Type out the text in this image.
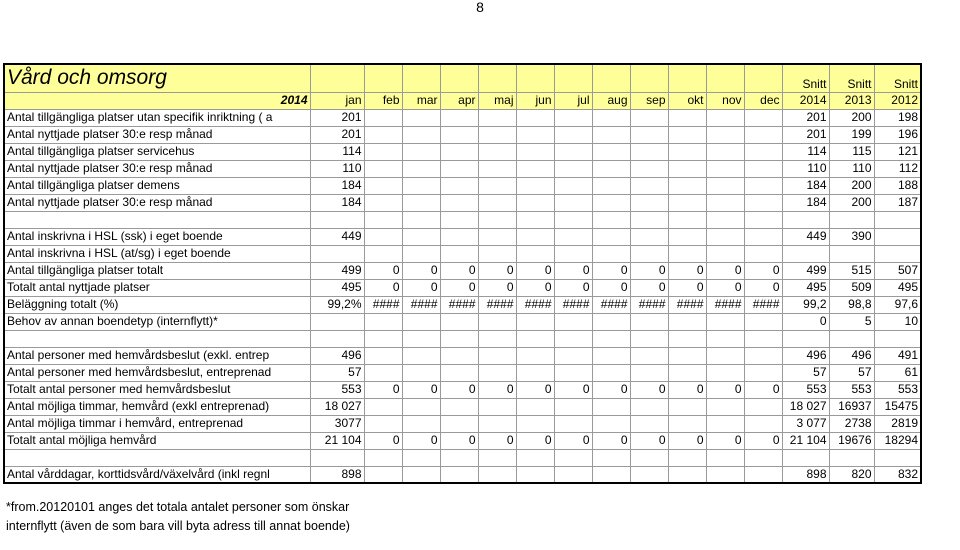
8
Vård och omsorg													Snitt	Snitt	Snitt
2014	jan	feb	mar	apr	maj	jun	jul	aug	sep	okt	nov	dec	2014	2013	2012
Antal tillgängliga platser utan specifik inriktning ( a	201												201	200	198
Antal nyttjade platser 30:e resp månad	201												201	199	196
Antal tillgängliga platser servicehus	114												114	115	121
Antal nyttjade platser 30:e resp månad	110												110	110	112
Antal tillgängliga platser demens	184												184	200	188
Antal nyttjade platser 30:e resp månad	184												184	200	187

Antal inskrivna i HSL (ssk) i eget boende	449												449	390	
Antal inskrivna i HSL (at/sg) i eget boende															
Antal tillgängliga platser totalt	499	0	0	0	0	0	0	0	0	0	0	0	499	515	507
Totalt antal nyttjade platser	495	0	0	0	0	0	0	0	0	0	0	0	495	509	495
Beläggning totalt (%)	99,2%	####	####	####	####	####	####	####	####	####	####	####	99,2	98,8	97,6
Behov av annan boendetyp (internflytt)*													0	5	10

Antal personer med hemvårdsbeslut (exkl. entrep	496												496	496	491
Antal personer med hemvårdsbeslut, entreprenad	57												57	57	61
Totalt antal personer med hemvårdsbeslut	553	0	0	0	0	0	0	0	0	0	0	0	553	553	553
Antal möjliga timmar, hemvård (exkl entreprenad)	18 027												18 027	16937	15475
Antal möjliga timmar i hemvård, entreprenad	3077												3 077	2738	2819
Totalt antal möjliga hemvård	21 104	0	0	0	0	0	0	0	0	0	0	0	21 104	19676	18294

Antal vårddagar, korttidsvård/växelvård (inkl regnl	898												898	820	832
*from.20120101 anges det totala antalet personer som önskar internflytt (även de som bara vill byta adress till annat boende)
